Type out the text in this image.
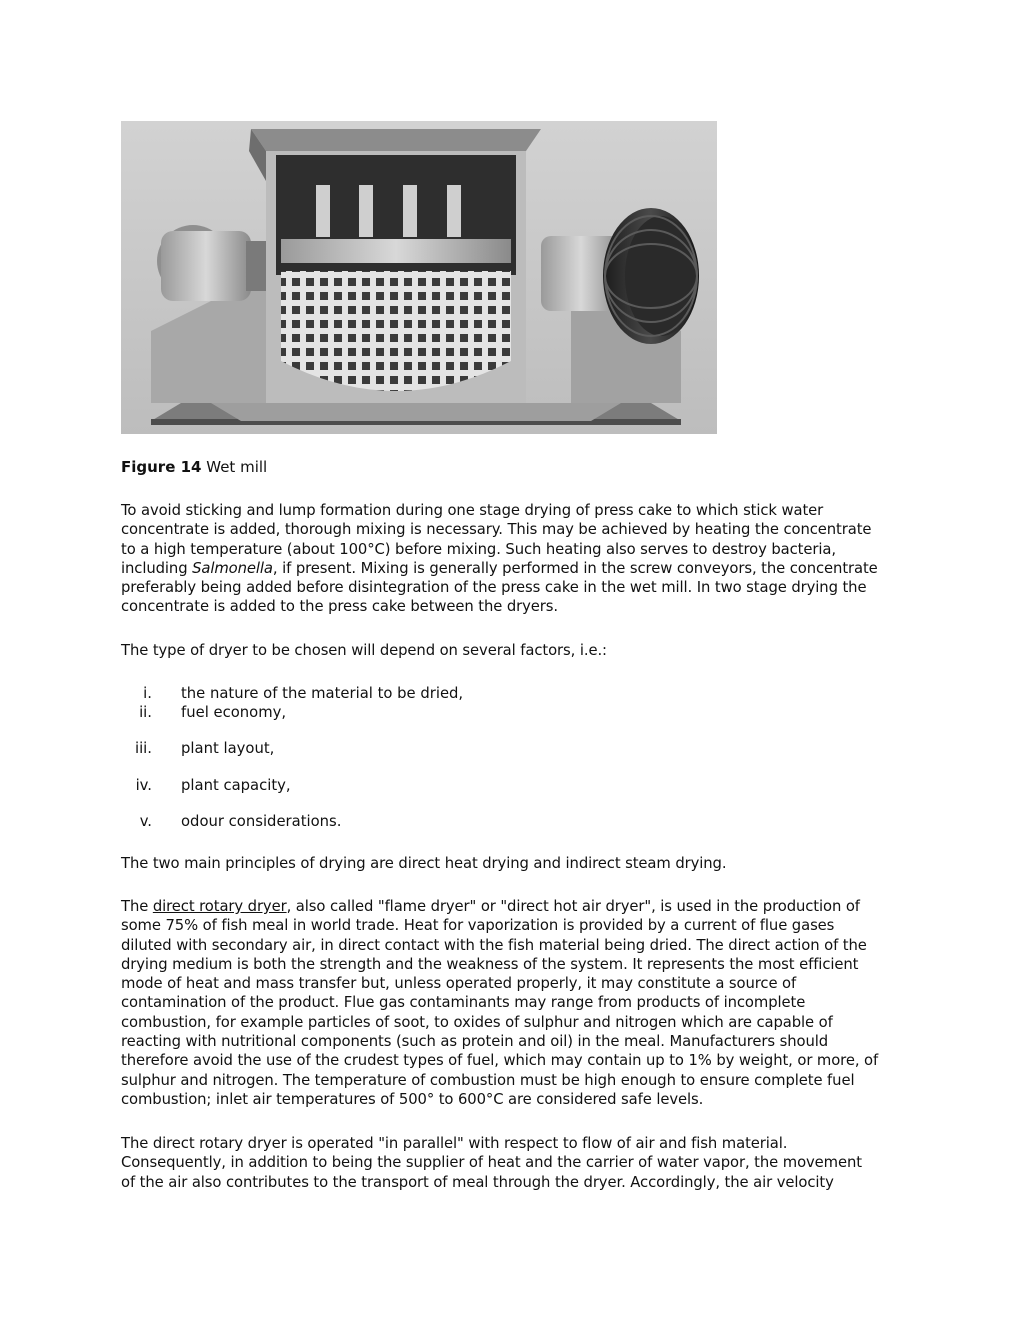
Figure 14 Wet mill

To avoid sticking and lump formation during one stage drying of press cake to which stick water
concentrate is added, thorough mixing is necessary. This may be achieved by heating the concentrate
to a high temperature (about 100°C) before mixing. Such heating also serves to destroy bacteria,
including Salmonella, if present. Mixing is generally performed in the screw conveyors, the concentrate
preferably being added before disintegration of the press cake in the wet mill. In two stage drying the
concentrate is added to the press cake between the dryers.

The type of dryer to be chosen will depend on several factors, i.e.:

i. the nature of the material to be dried,
ii. fuel economy,
iii. plant layout,
iv. plant capacity,
v. odour considerations.

The two main principles of drying are direct heat drying and indirect steam drying.

The direct rotary dryer, also called "flame dryer" or "direct hot air dryer", is used in the production of
some 75% of fish meal in world trade. Heat for vaporization is provided by a current of flue gases
diluted with secondary air, in direct contact with the fish material being dried. The direct action of the
drying medium is both the strength and the weakness of the system. It represents the most efficient
mode of heat and mass transfer but, unless operated properly, it may constitute a source of
contamination of the product. Flue gas contaminants may range from products of incomplete
combustion, for example particles of soot, to oxides of sulphur and nitrogen which are capable of
reacting with nutritional components (such as protein and oil) in the meal. Manufacturers should
therefore avoid the use of the crudest types of fuel, which may contain up to 1% by weight, or more, of
sulphur and nitrogen. The temperature of combustion must be high enough to ensure complete fuel
combustion; inlet air temperatures of 500° to 600°C are considered safe levels.

The direct rotary dryer is operated "in parallel" with respect to flow of air and fish material.
Consequently, in addition to being the supplier of heat and the carrier of water vapor, the movement
of the air also contributes to the transport of meal through the dryer. Accordingly, the air velocity
